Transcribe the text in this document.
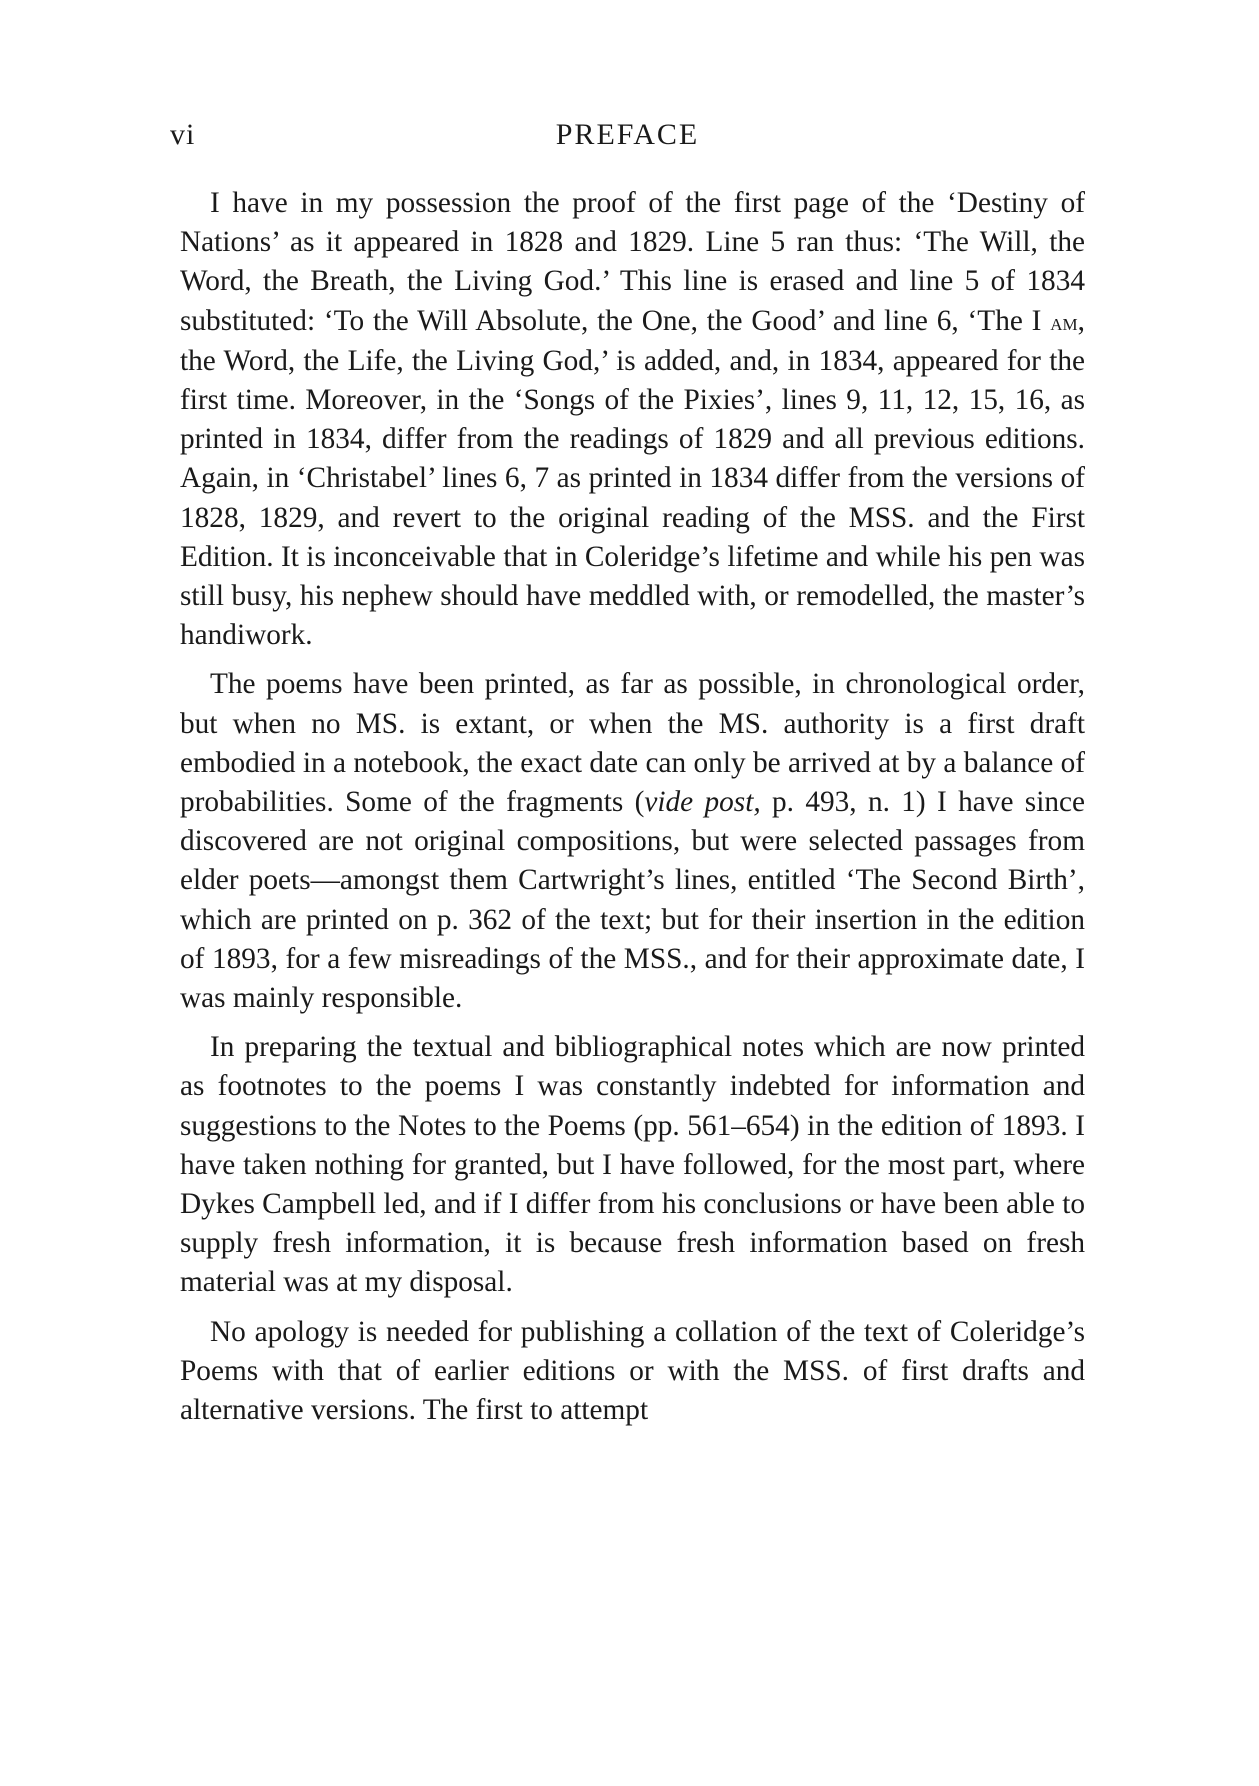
vi	PREFACE

I have in my possession the proof of the first page of the ‘Destiny of Nations’ as it appeared in 1828 and 1829. Line 5 ran thus: ‘The Will, the Word, the Breath, the Living God.’ This line is erased and line 5 of 1834 substituted: ‘To the Will Absolute, the One, the Good’ and line 6, ‘The I am, the Word, the Life, the Living God,’ is added, and, in 1834, appeared for the first time. Moreover, in the ‘Songs of the Pixies’, lines 9, 11, 12, 15, 16, as printed in 1834, differ from the readings of 1829 and all previous editions. Again, in ‘Christabel’ lines 6, 7 as printed in 1834 differ from the versions of 1828, 1829, and revert to the original reading of the MSS. and the First Edition. It is inconceivable that in Coleridge’s lifetime and while his pen was still busy, his nephew should have meddled with, or remodelled, the master’s handiwork.

The poems have been printed, as far as possible, in chronological order, but when no MS. is extant, or when the MS. authority is a first draft embodied in a notebook, the exact date can only be arrived at by a balance of probabilities. Some of the fragments (vide post, p. 493, n. 1) I have since discovered are not original compositions, but were selected passages from elder poets—amongst them Cartwright’s lines, entitled ‘The Second Birth’, which are printed on p. 362 of the text; but for their insertion in the edition of 1893, for a few misreadings of the MSS., and for their approximate date, I was mainly responsible.

In preparing the textual and bibliographical notes which are now printed as footnotes to the poems I was constantly indebted for information and suggestions to the Notes to the Poems (pp. 561–654) in the edition of 1893. I have taken nothing for granted, but I have followed, for the most part, where Dykes Campbell led, and if I differ from his conclusions or have been able to supply fresh information, it is because fresh information based on fresh material was at my disposal.

No apology is needed for publishing a collation of the text of Coleridge’s Poems with that of earlier editions or with the MSS. of first drafts and alternative versions. The first to attempt
